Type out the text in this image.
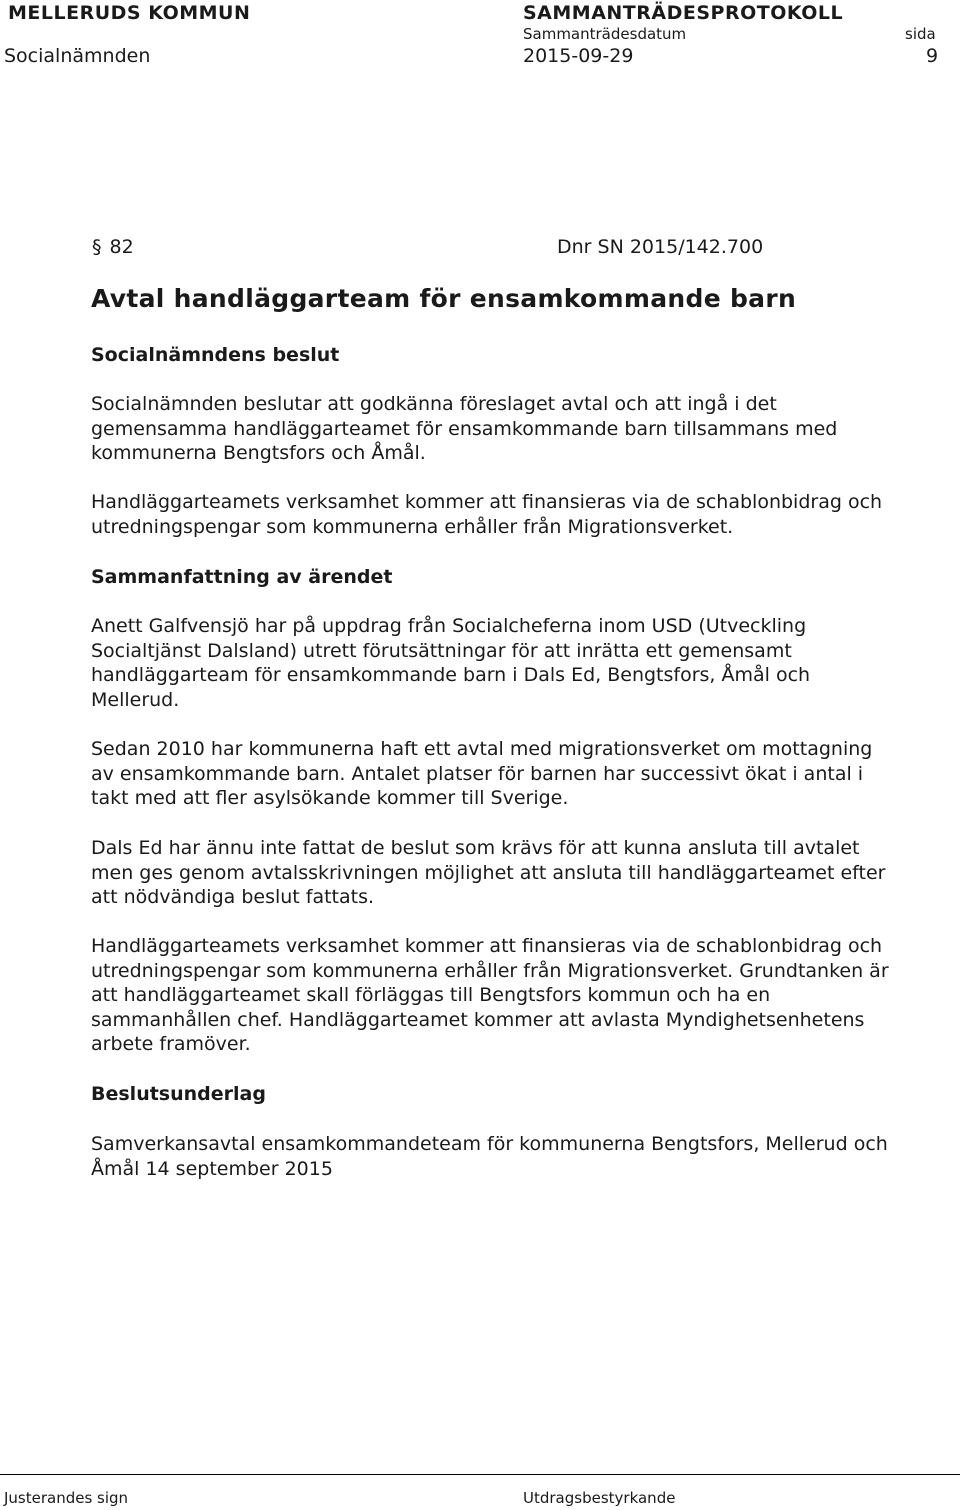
MELLERUDS KOMMUN	SAMMANTRÄDESPROTOKOLL
Sammanträdesdatum	sida
Socialnämnden	2015-09-29	9
§ 82	Dnr SN 2015/142.700
Avtal handläggarteam för ensamkommande barn
Socialnämndens beslut
Socialnämnden beslutar att godkänna föreslaget avtal och att ingå i det
gemensamma handläggarteamet för ensamkommande barn tillsammans med
kommunerna Bengtsfors och Åmål.
Handläggarteamets verksamhet kommer att finansieras via de schablonbidrag och
utredningspengar som kommunerna erhåller från Migrationsverket.
Sammanfattning av ärendet
Anett Galfvensjö har på uppdrag från Socialcheferna inom USD (Utveckling
Socialtjänst Dalsland) utrett förutsättningar för att inrätta ett gemensamt
handläggarteam för ensamkommande barn i Dals Ed, Bengtsfors, Åmål och
Mellerud.
Sedan 2010 har kommunerna haft ett avtal med migrationsverket om mottagning
av ensamkommande barn. Antalet platser för barnen har successivt ökat i antal i
takt med att fler asylsökande kommer till Sverige.
Dals Ed har ännu inte fattat de beslut som krävs för att kunna ansluta till avtalet
men ges genom avtalsskrivningen möjlighet att ansluta till handläggarteamet efter
att nödvändiga beslut fattats.
Handläggarteamets verksamhet kommer att finansieras via de schablonbidrag och
utredningspengar som kommunerna erhåller från Migrationsverket. Grundtanken är
att handläggarteamet skall förläggas till Bengtsfors kommun och ha en
sammanhållen chef. Handläggarteamet kommer att avlasta Myndighetsenhetens
arbete framöver.
Beslutsunderlag
Samverkansavtal ensamkommandeteam för kommunerna Bengtsfors, Mellerud och
Åmål 14 september 2015
Justerandes sign	Utdragsbestyrkande
